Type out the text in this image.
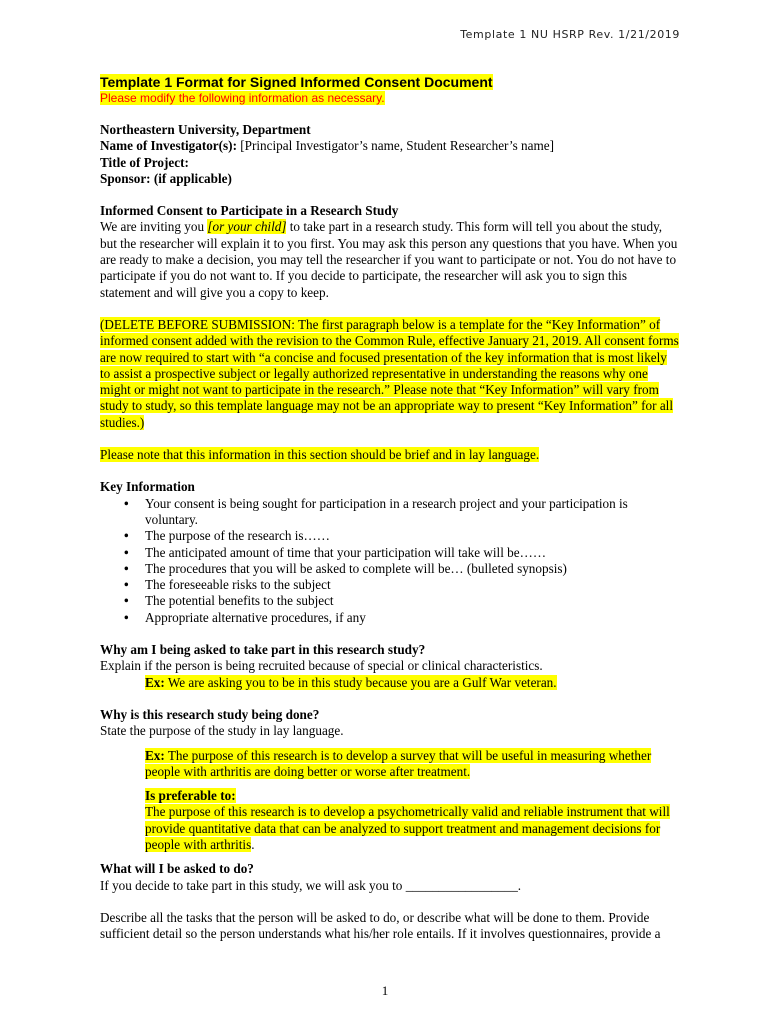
Template 1 NU HSRP Rev. 1/21/2019
Template 1 Format for Signed Informed Consent Document
Please modify the following information as necessary.

Northeastern University, Department

Name of Investigator(s): [Principal Investigator’s name, Student Researcher’s name]

Title of Project:

Sponsor: (if applicable)

Informed Consent to Participate in a Research Study

We are inviting you [or your child] to take part in a research study. This form will tell you about the study, but the researcher will explain it to you first. You may ask this person any questions that you have. When you are ready to make a decision, you may tell the researcher if you want to participate or not. You do not have to participate if you do not want to. If you decide to participate, the researcher will ask you to sign this statement and will give you a copy to keep.

(DELETE BEFORE SUBMISSION: The first paragraph below is a template for the “Key Information” of informed consent added with the revision to the Common Rule, effective January 21, 2019. All consent forms are now required to start with “a concise and focused presentation of the key information that is most likely to assist a prospective subject or legally authorized representative in understanding the reasons why one might or might not want to participate in the research.” Please note that “Key Information” will vary from study to study, so this template language may not be an appropriate way to present “Key Information” for all studies.)

Please note that this information in this section should be brief and in lay language.

Key Information

• Your consent is being sought for participation in a research project and your participation is voluntary.
• The purpose of the research is……
• The anticipated amount of time that your participation will take will be……
• The procedures that you will be asked to complete will be… (bulleted synopsis)
• The foreseeable risks to the subject
• The potential benefits to the subject
• Appropriate alternative procedures, if any

Why am I being asked to take part in this research study?

Explain if the person is being recruited because of special or clinical characteristics.

Ex: We are asking you to be in this study because you are a Gulf War veteran.

Why is this research study being done?

State the purpose of the study in lay language.

Ex: The purpose of this research is to develop a survey that will be useful in measuring whether people with arthritis are doing better or worse after treatment.

Is preferable to:

The purpose of this research is to develop a psychometrically valid and reliable instrument that will provide quantitative data that can be analyzed to support treatment and management decisions for people with arthritis.

What will I be asked to do?

If you decide to take part in this study, we will ask you to _________________.

Describe all the tasks that the person will be asked to do, or describe what will be done to them. Provide sufficient detail so the person understands what his/her role entails. If it involves questionnaires, provide a

1
